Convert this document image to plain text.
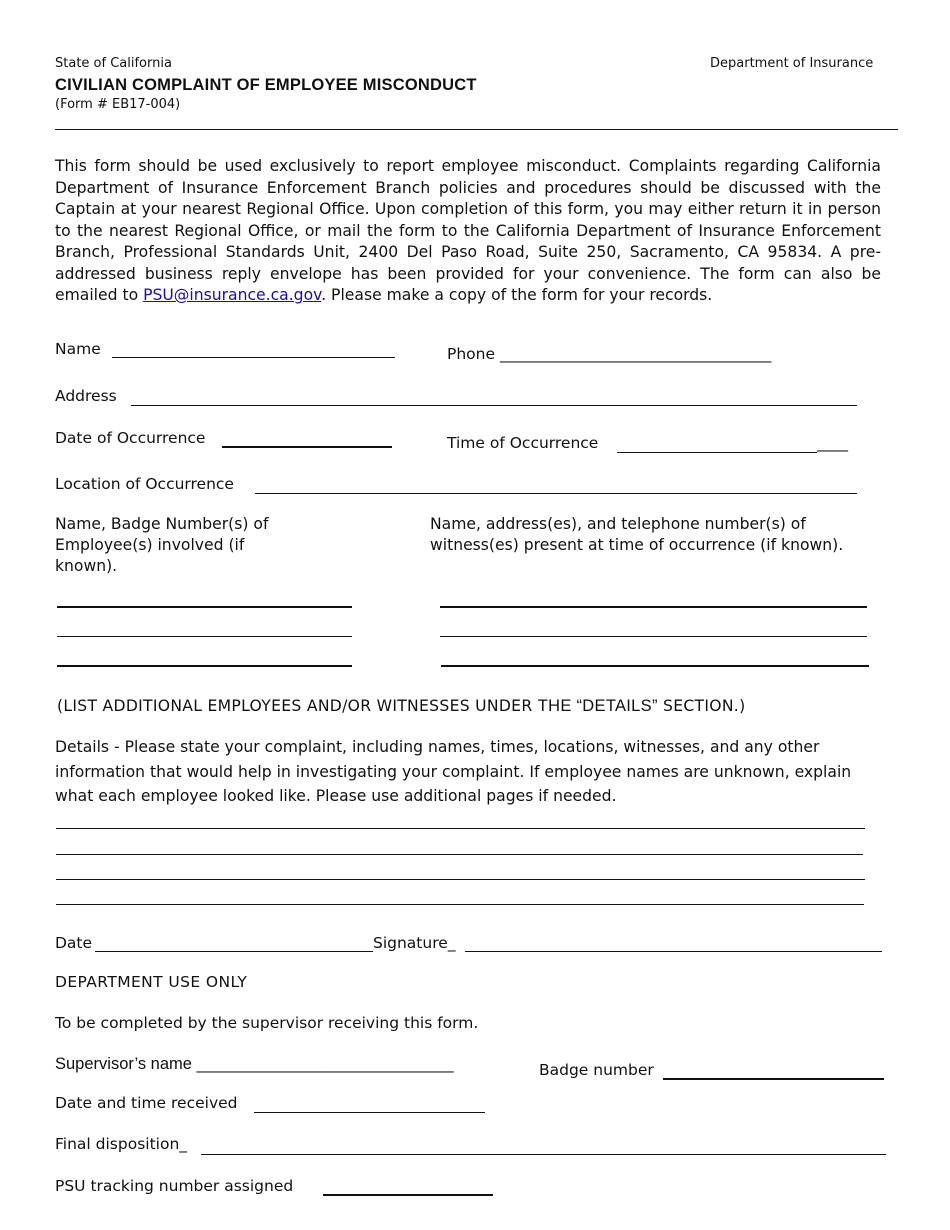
State of California	Department of Insurance
CIVILIAN COMPLAINT OF EMPLOYEE MISCONDUCT
(Form # EB17-004)
This form should be used exclusively to report employee misconduct. Complaints regarding California Department of Insurance Enforcement Branch policies and procedures should be discussed with the Captain at your nearest Regional Office. Upon completion of this form, you may either return it in person to the nearest Regional Office, or mail the form to the California Department of Insurance Enforcement Branch, Professional Standards Unit, 2400 Del Paso Road, Suite 250, Sacramento, CA 95834. A pre-addressed business reply envelope has been provided for your convenience. The form can also be emailed to PSU@insurance.ca.gov. Please make a copy of the form for your records.
Name	Phone ___________________________________
Address
Date of Occurrence	Time of Occurrence	____
Location of Occurrence
Name, Badge Number(s) of Employee(s) involved (if known).
Name, address(es), and telephone number(s) of witness(es) present at time of occurrence (if known).
(LIST ADDITIONAL EMPLOYEES AND/OR WITNESSES UNDER THE “DETAILS” SECTION.)
Details - Please state your complaint, including names, times, locations, witnesses, and any other information that would help in investigating your complaint. If employee names are unknown, explain what each employee looked like. Please use additional pages if needed.
Date	Signature_
DEPARTMENT USE ONLY
To be completed by the supervisor receiving this form.
Supervisor’s name ____________________________	Badge number
Date and time received
Final disposition_
PSU tracking number assigned
